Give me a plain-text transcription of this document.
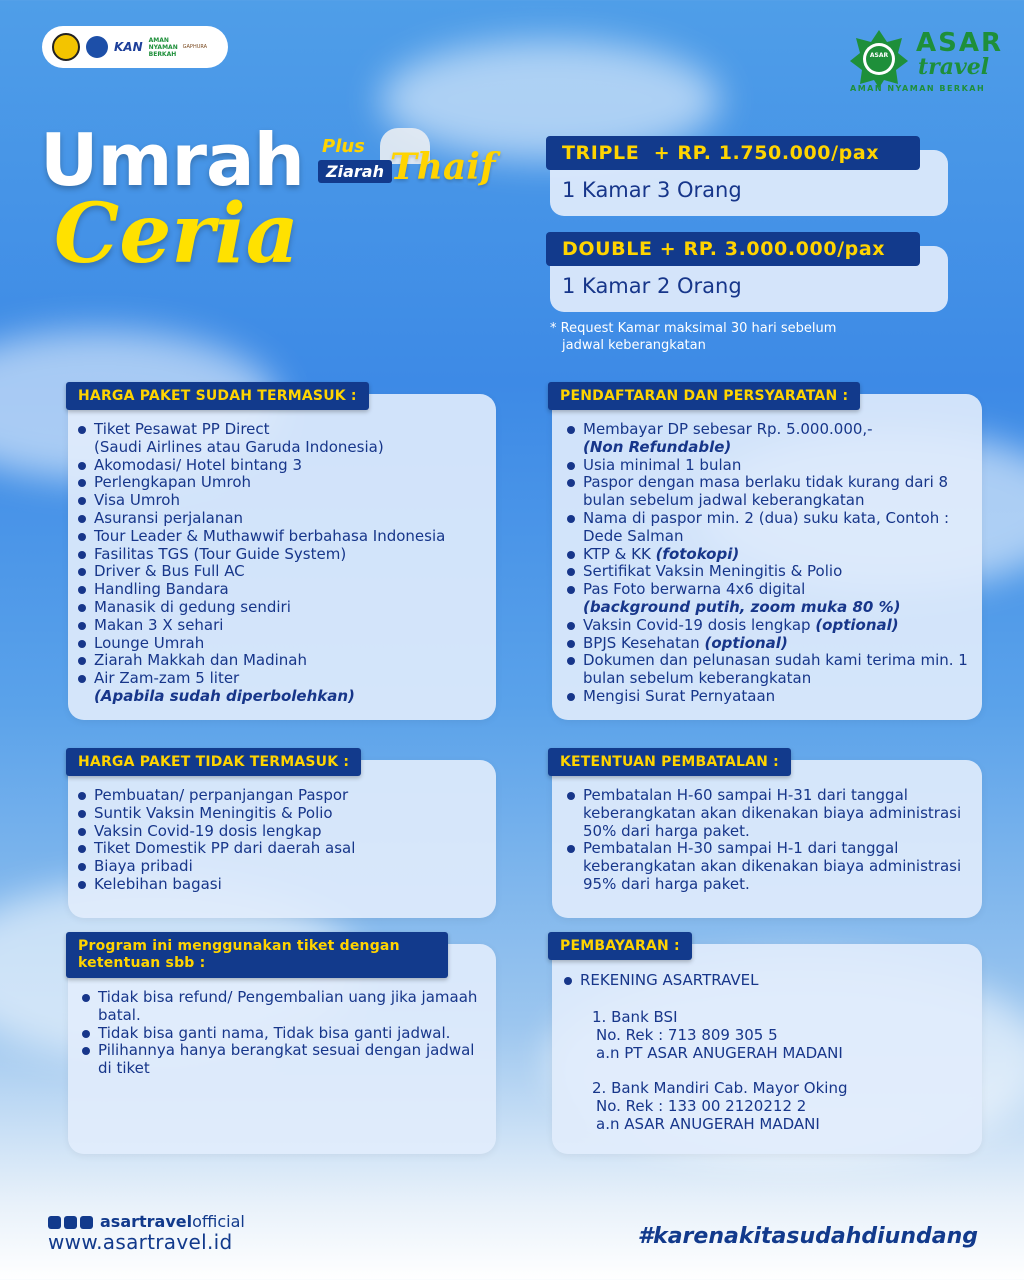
KAN AMAN NYAMAN BERKAH
GAPHURA
ASAR ASAR
travel
AMAN NYAMAN BERKAH
Umrah Plus
Ziarah Thaif
Ceria	1 Kamar 3 Orang
TRIPLE  + RP. 1.750.000/pax
1 Kamar 2 Orang
DOUBLE + RP. 3.000.000/pax
* Request Kamar maksimal 30 hari sebelum
jadwal keberangkatan
HARGA PAKET SUDAH TERMASUK :
Tiket Pesawat PP Direct
(Saudi Airlines atau Garuda Indonesia)
Akomodasi/ Hotel bintang 3
Perlengkapan Umroh
Visa Umroh
Asuransi perjalanan
Tour Leader & Muthawwif berbahasa Indonesia
Fasilitas TGS (Tour Guide System)
Driver & Bus Full AC
Handling Bandara
Manasik di gedung sendiri
Makan 3 X sehari
Lounge Umrah
Ziarah Makkah dan Madinah
Air Zam-zam 5 liter
(Apabila sudah diperbolehkan)
PENDAFTARAN DAN PERSYARATAN :
Membayar DP sebesar Rp. 5.000.000,-
(Non Refundable)
Usia minimal 1 bulan
Paspor dengan masa berlaku tidak kurang dari 8 bulan sebelum jadwal keberangkatan
Nama di paspor min. 2 (dua) suku kata, Contoh : Dede Salman
KTP & KK (fotokopi)
Sertifikat Vaksin Meningitis & Polio
Pas Foto berwarna 4x6 digital
(background putih, zoom muka 80 %)
Vaksin Covid-19 dosis lengkap (optional)
BPJS Kesehatan (optional)
Dokumen dan pelunasan sudah kami terima min. 1 bulan sebelum keberangkatan
Mengisi Surat Pernyataan
HARGA PAKET TIDAK TERMASUK :
Pembuatan/ perpanjangan Paspor
Suntik Vaksin Meningitis & Polio
Vaksin Covid-19 dosis lengkap
Tiket Domestik PP dari daerah asal
Biaya pribadi
Kelebihan bagasi
KETENTUAN PEMBATALAN :
Pembatalan H-60 sampai H-31 dari tanggal keberangkatan akan dikenakan biaya administrasi 50% dari harga paket.
Pembatalan H-30 sampai H-1 dari tanggal keberangkatan akan dikenakan biaya administrasi 95% dari harga paket.
Program ini menggunakan tiket dengan ketentuan sbb :
Tidak bisa refund/ Pengembalian uang jika jamaah batal.
Tidak bisa ganti nama, Tidak bisa ganti jadwal.
Pilihannya hanya berangkat sesuai dengan jadwal di tiket
PEMBAYARAN :
REKENING ASARTRAVEL
1. Bank BSI
No. Rek : 713 809 305 5
a.n PT ASAR ANUGERAH MADANI
2. Bank Mandiri Cab. Mayor Oking
No. Rek : 133 00 2120212 2
a.n ASAR ANUGERAH MADANI
asartravelofficial
www.asartravel.id	#karenakitasudahdiundang
